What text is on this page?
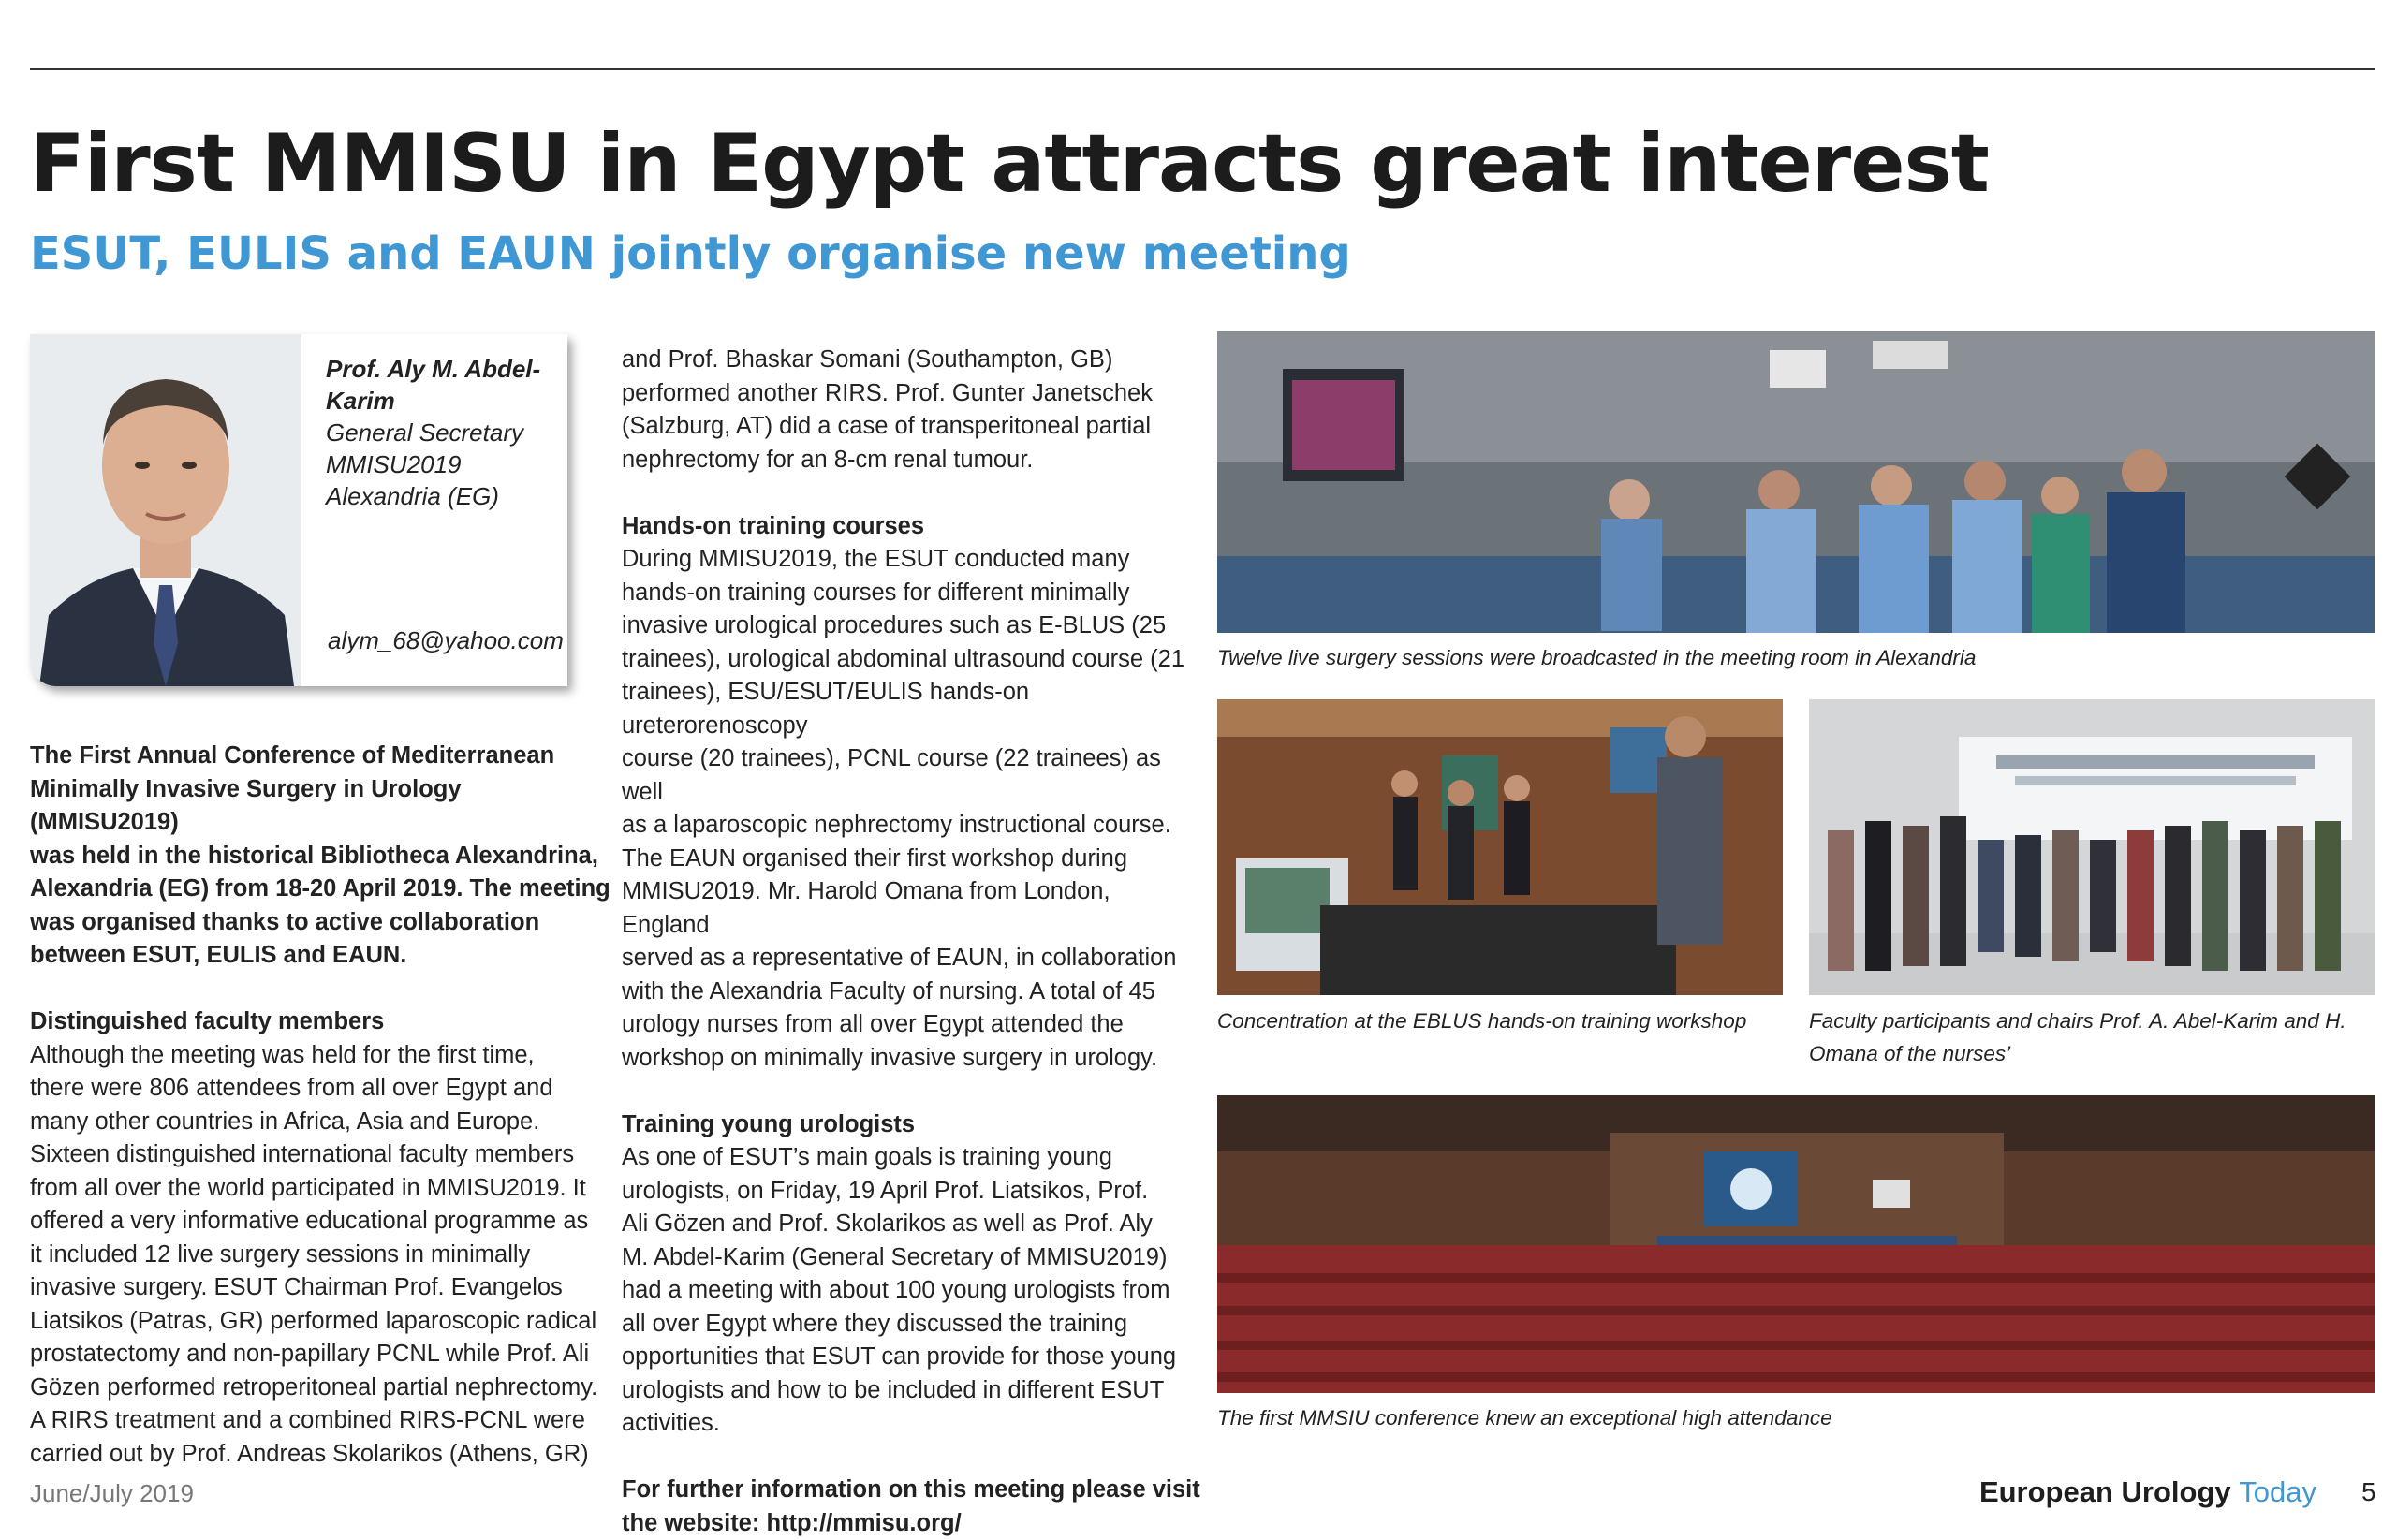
First MMISU in Egypt attracts great interest
ESUT, EULIS and EAUN jointly organise new meeting
Prof. Aly M. Abdel-
Karim
General Secretary
MMISU2019
Alexandria (EG)
alym_68@yahoo.com

The First Annual Conference of Mediterranean

Minimally Invasive Surgery in Urology (MMISU2019)

was held in the historical Bibliotheca Alexandrina,

Alexandria (EG) from 18-20 April 2019. The meeting

was organised thanks to active collaboration

between ESUT, EULIS and EAUN.

Distinguished faculty members

Although the meeting was held for the first time,

there were 806 attendees from all over Egypt and

many other countries in Africa, Asia and Europe.

Sixteen distinguished international faculty members

from all over the world participated in MMISU2019. It

offered a very informative educational programme as

it included 12 live surgery sessions in minimally

invasive surgery. ESUT Chairman Prof. Evangelos

Liatsikos (Patras, GR) performed laparoscopic radical

prostatectomy and non-papillary PCNL while Prof. Ali

Gözen performed retroperitoneal partial nephrectomy.

A RIRS treatment and a combined RIRS-PCNL were

carried out by Prof. Andreas Skolarikos (Athens, GR)

and Prof. Bhaskar Somani (Southampton, GB)

performed another RIRS. Prof. Gunter Janetschek

(Salzburg, AT) did a case of transperitoneal partial

nephrectomy for an 8-cm renal tumour.

Hands-on training courses

During MMISU2019, the ESUT conducted many

hands-on training courses for different minimally

invasive urological procedures such as E-BLUS (25

trainees), urological abdominal ultrasound course (21

trainees), ESU/ESUT/EULIS hands-on ureterorenoscopy

course (20 trainees), PCNL course (22 trainees) as well

as a laparoscopic nephrectomy instructional course.

The EAUN organised their first workshop during

MMISU2019. Mr. Harold Omana from London, England

served as a representative of EAUN, in collaboration

with the Alexandria Faculty of nursing. A total of 45

urology nurses from all over Egypt attended the

workshop on minimally invasive surgery in urology.

Training young urologists

As one of ESUT’s main goals is training young

urologists, on Friday, 19 April Prof. Liatsikos, Prof.

Ali Gözen and Prof. Skolarikos as well as Prof. Aly

M. Abdel-Karim (General Secretary of MMISU2019)

had a meeting with about 100 young urologists from

all over Egypt where they discussed the training

opportunities that ESUT can provide for those young

urologists and how to be included in different ESUT

activities.

For further information on this meeting please visit

the website: http://mmisu.org/

Twelve live surgery sessions were broadcasted in the meeting room in Alexandria
Concentration at the EBLUS hands-on training workshop	Faculty participants and chairs Prof. A. Abel-Karim and H.
Omana of the nurses’
The first MMSIU conference knew an exceptional high attendance
June/July 2019	European Urology Today 5
